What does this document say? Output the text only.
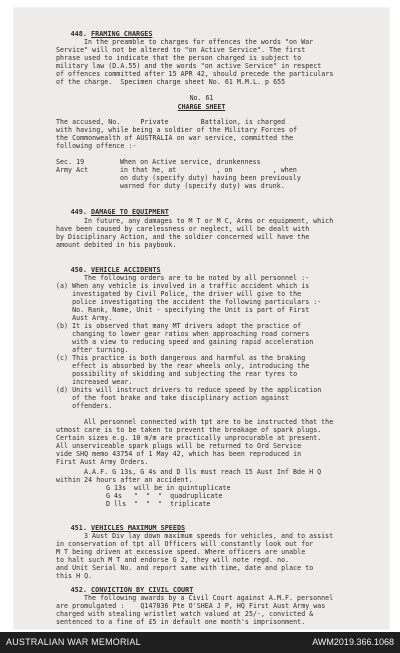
448. FRAMING CHARGES

In the preamble to charges for offences the words "on War
Service" will not be altered to "on Active Service". The first
phrase used to indicate that the person charged is subject to
military law (D.A.55) and the words "on active Service" in respect
of offences committed after 15 APR 42, should precede the particulars
of the charge.  Specimen charge sheet No. 61 M.M.L. p 655
No. 61
CHARGE SHEET
The accused, No.     Private        Battalion, is charged
with having, while being a soldier of the Military Forces of
the Commonwealth of AUSTRALIA on war service, committed the
following offence :-
Sec. 19
Army Act
When on Active service, drunkenness
in that he, at          , on          , when
on duty (specify duty) having been previously
warned for duty (specify duty) was drunk.

449. DAMAGE TO EQUIPMENT

In future, any damages to M T or M C, Arms or equipment, which
have been caused by carelessness or neglect, will be dealt with
by Disciplinary Action, and the soldier concerned will have the
amount debited in his paybook.

450. VEHICLE ACCIDENTS

The following orders are to be noted by all personnel :-
(a) When any vehicle is involved in a traffic accident which is
investigated by Civil Police, the driver will give to the
police investigating the accident the following particulars :-
No. Rank, Name, Unit - specifying the Unit is part of First
Aust Army.
(b) It is observed that many MT drivers adopt the practice of
changing to lower gear ratios when approaching road corners
with a view to reducing speed and gaining rapid acceleration
after turning.
(c) This practice is both dangerous and harmful as the braking
effect is absorbed by the rear wheels only, introducing the
possibility of skidding and subjecting the rear tyres to
increased wear.
(d) Units will instruct drivers to reduce speed by the application
of the foot brake and take disciplinary action against
offenders.
All personnel connected with tpt are to be instructed that the
utmost care is to be taken to prevent the breakage of spark plugs.
Certain sizes e.g. 10 m/m are practically unprocurable at present.
All unserviceable spark plugs will be returned to Ord Service
vide SHQ memo 43754 of 1 May 42, which has been reproduced in
First Aust Army Orders.
A.A.F. G 13s, G 4s and D lls must reach 15 Aust Inf Bde H Q
within 24 hours after an accident.
G 13s will be in quintuplicate
G 4s "  "  "  quadruplicate
D lls "  "  "  triplicate

451. VEHICLES MAXIMUM SPEEDS

3 Aust Div lay down maximum speeds for vehicles, and to assist
in conservation of tpt all Officers will constantly look out for
M T being driven at excessive speed. Where officers are unable
to halt such M T and endorse G 2, they will note regd. no.
and Unit Serial No. and report same with time, date and place to
this H Q.

452. CONVICTION BY CIVIL COURT

The following awards by a Civil Court against A.M.F. personnel
are promulgated :    Q147036 Pte O'SHEA J P, HQ First Aust Army was
charged with stealing wristlet watch valued at 25/-, convicted &
sentenced to a fine of £5 in default one month's imprisonment.
AUSTRALIAN WAR MEMORIAL	AWM2019.366.1068
